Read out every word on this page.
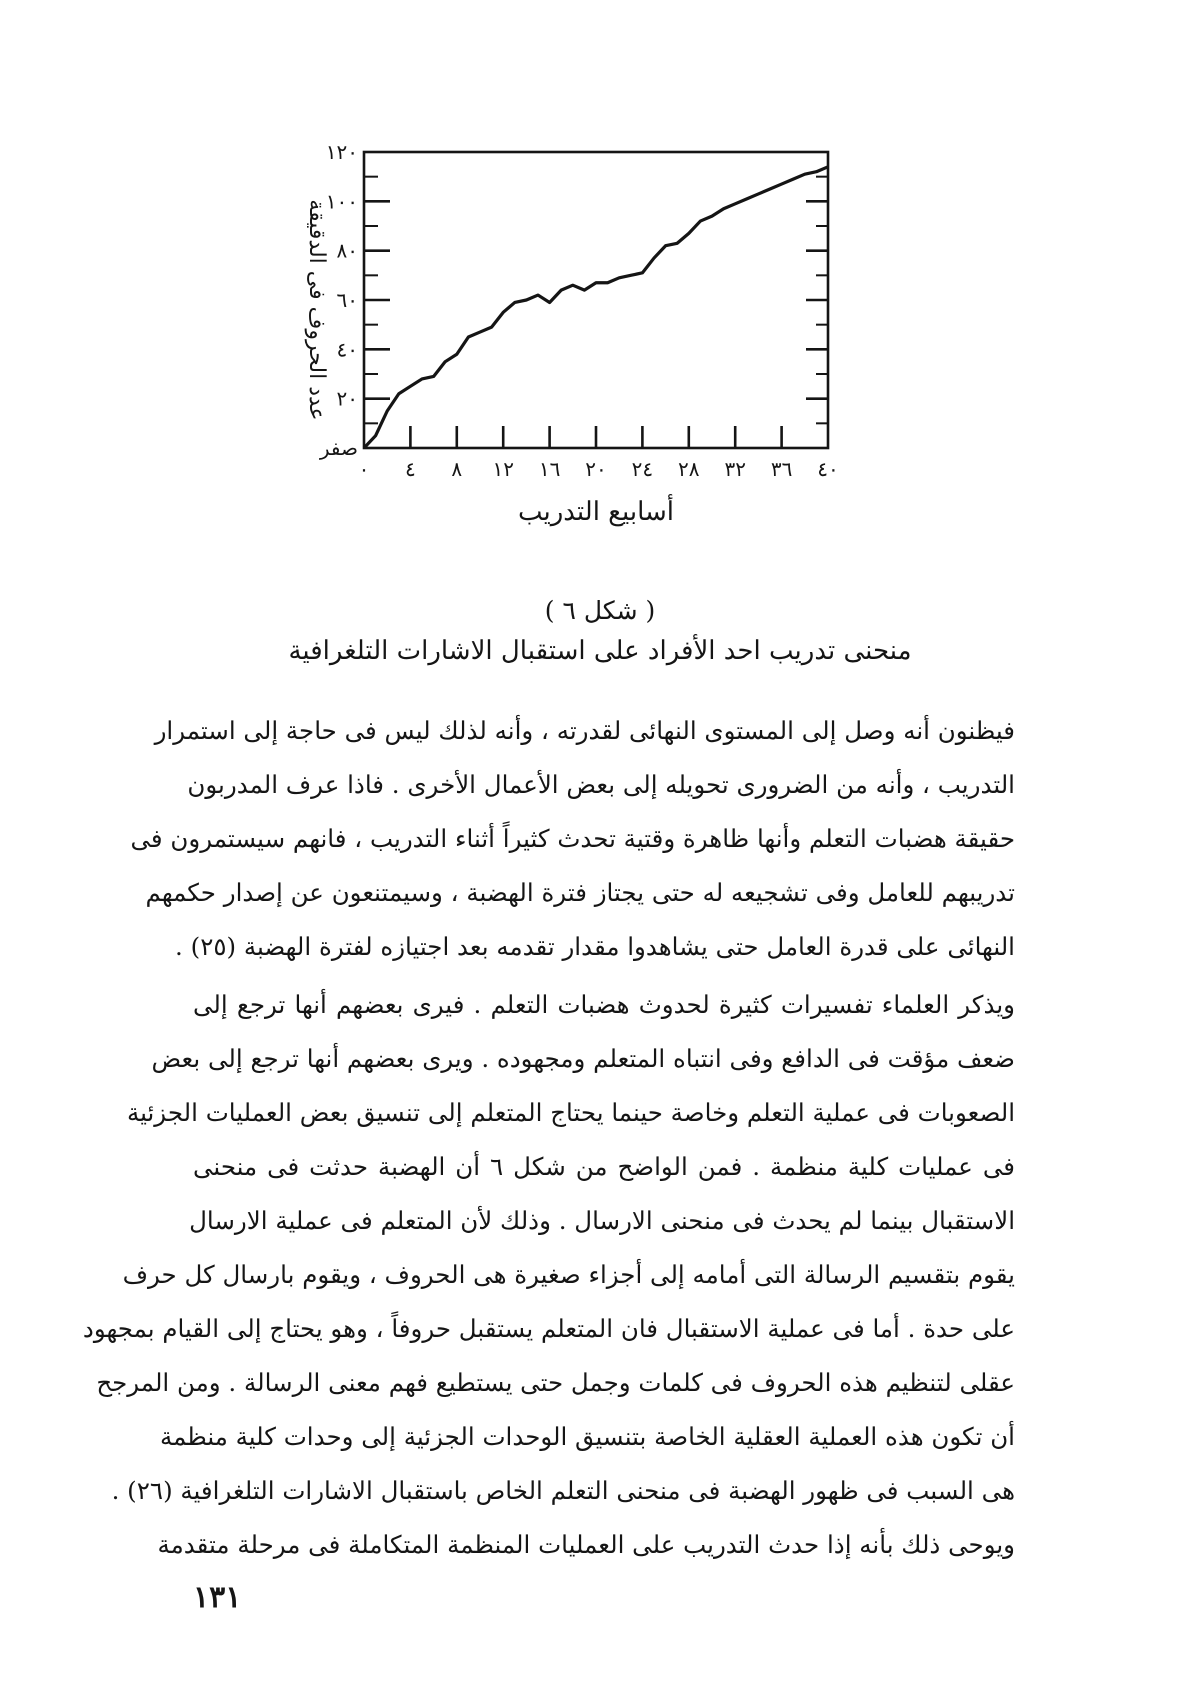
صفر
٢٠
٤٠
٦٠
٨٠
١٠٠
١٢٠
٠ ٤ ٨ ١٢ ١٦ ٢٠ ٢٤ ٢٨ ٣٢ ٣٦ ٤٠
أسابيع التدريب
عدد الحروف فى الدقيقة
( شكل ٦ )
منحنى تدريب احد الأفراد على استقبال الاشارات التلغرافية
فيظنون أنه وصل إلى المستوى النهائى لقدرته ، وأنه لذلك ليس فى حاجة إلى استمرار
التدريب ، وأنه من الضرورى تحويله إلى بعض الأعمال الأخرى . فاذا عرف المدربون
حقيقة هضبات التعلم وأنها ظاهرة وقتية تحدث كثيراً أثناء التدريب ، فانهم سيستمرون فى
تدريبهم للعامل وفى تشجيعه له حتى يجتاز فترة الهضبة ، وسيمتنعون عن إصدار حكمهم
النهائى على قدرة العامل حتى يشاهدوا مقدار تقدمه بعد اجتيازه لفترة الهضبة (٢٥) .
ويذكر العلماء تفسيرات كثيرة لحدوث هضبات التعلم . فيرى بعضهم أنها ترجع إلى
ضعف مؤقت فى الدافع وفى انتباه المتعلم ومجهوده . ويرى بعضهم أنها ترجع إلى بعض
الصعوبات فى عملية التعلم وخاصة حينما يحتاج المتعلم إلى تنسيق بعض العمليات الجزئية
فى عمليات كلية منظمة . فمن الواضح من شكل ٦ أن الهضبة حدثت فى منحنى
الاستقبال بينما لم يحدث فى منحنى الارسال . وذلك لأن المتعلم فى عملية الارسال
يقوم بتقسيم الرسالة التى أمامه إلى أجزاء صغيرة هى الحروف ، ويقوم بارسال كل حرف
على حدة . أما فى عملية الاستقبال فان المتعلم يستقبل حروفاً ، وهو يحتاج إلى القيام بمجهود
عقلى لتنظيم هذه الحروف فى كلمات وجمل حتى يستطيع فهم معنى الرسالة . ومن المرجح
أن تكون هذه العملية العقلية الخاصة بتنسيق الوحدات الجزئية إلى وحدات كلية منظمة
هى السبب فى ظهور الهضبة فى منحنى التعلم الخاص باستقبال الاشارات التلغرافية (٢٦) .
ويوحى ذلك بأنه إذا حدث التدريب على العمليات المنظمة المتكاملة فى مرحلة متقدمة
١٣١
